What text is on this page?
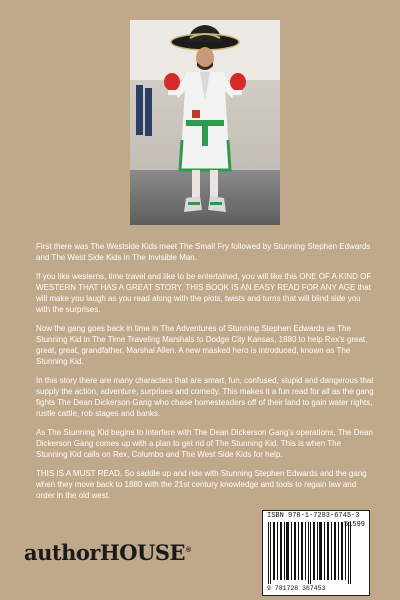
First there was The Westside Kids meet The Small Fry followed by Stunning Stephen Edwards and The West Side Kids in The Invisible Man.

If you like westerns, time travel and like to be entertained, you will like this ONE OF A KIND OF WESTERN THAT HAS A GREAT STORY. THIS BOOK IS AN EASY READ FOR ANY AGE that will make you laugh as you read along with the plots, twists and turns that will blind side you with the surprises.

Now the gang goes back in time in The Adventures of Stunning Stephen Edwards as The Stunning Kid in The Time Traveling Marshals to Dodge City Kansas, 1880 to help Rex's great, great, great, grandfather, Marshal Allen. A new masked hero is introduced, known as The Stunning Kid.

In this story there are many characters that are smart, fun, confused, stupid and dangerous that supply the action, adventure, surprises and comedy. This makes it a fun read for all as the gang fights The Dean Dickerson Gang who chase homesteaders off of their land to gain water rights, rustle cattle, rob stages and banks.

As The Stunning Kid begins to interfere with The Dean Dickerson Gang's operations, The Dean Dickerson Gang comes up with a plan to get rid of The Stunning Kid. This is when The Stunning Kid calls on Rex, Columbo and The West Side Kids for help.

THIS IS A MUST READ. So saddle up and ride with Stunning Stephen Edwards and the gang when they move back to 1880 with the 21st century knowledge and tools to regain law and order in the old west.

authorHOUSE®
ISBN 978-1-7283-6745-3
51599
9 781728 367453
